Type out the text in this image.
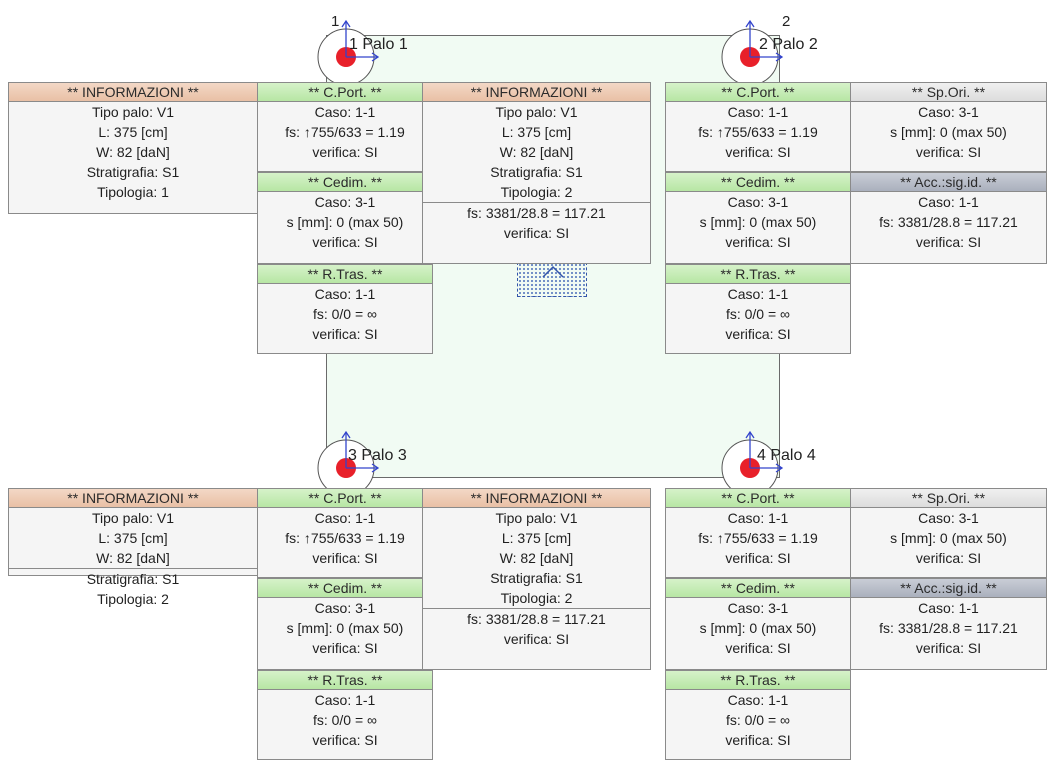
1
1 Palo 1
2
2 Palo 2
3 Palo 3	4 Palo 4
** INFORMAZIONI **
Tipo palo: V1
L: 375 [cm]
W: 82 [daN]
Stratigrafia: S1
Tipologia: 1
** C.Port. **
Caso: 1-1
fs: ↑755/633 = 1.19
verifica: SI
** Cedim. **
Caso: 3-1
s [mm]: 0 (max 50)
verifica: SI
** R.Tras. **
Caso: 1-1
fs: 0/0 = ∞
verifica: SI
** INFORMAZIONI **
Tipo palo: V1
L: 375 [cm]
W: 82 [daN]
Stratigrafia: S1
Tipologia: 2
fs: 3381/28.8 = 117.21
verifica: SI
** C.Port. **
Caso: 1-1
fs: ↑755/633 = 1.19
verifica: SI
** Cedim. **
Caso: 3-1
s [mm]: 0 (max 50)
verifica: SI
** R.Tras. **
Caso: 1-1
fs: 0/0 = ∞
verifica: SI
** Sp.Ori. **
Caso: 3-1
s [mm]: 0 (max 50)
verifica: SI
** Acc.:sig.id. **
Caso: 1-1
fs: 3381/28.8 = 117.21
verifica: SI
** INFORMAZIONI **
Tipo palo: V1
L: 375 [cm]
W: 82 [daN]
Stratigrafia: S1
Tipologia: 2
** C.Port. **
Caso: 1-1
fs: ↑755/633 = 1.19
verifica: SI
** Cedim. **
Caso: 3-1
s [mm]: 0 (max 50)
verifica: SI
** R.Tras. **
Caso: 1-1
fs: 0/0 = ∞
verifica: SI
** INFORMAZIONI **
Tipo palo: V1
L: 375 [cm]
W: 82 [daN]
Stratigrafia: S1
Tipologia: 2
fs: 3381/28.8 = 117.21
verifica: SI
** C.Port. **
Caso: 1-1
fs: ↑755/633 = 1.19
verifica: SI
** Cedim. **
Caso: 3-1
s [mm]: 0 (max 50)
verifica: SI
** R.Tras. **
Caso: 1-1
fs: 0/0 = ∞
verifica: SI
** Sp.Ori. **
Caso: 3-1
s [mm]: 0 (max 50)
verifica: SI
** Acc.:sig.id. **
Caso: 1-1
fs: 3381/28.8 = 117.21
verifica: SI
